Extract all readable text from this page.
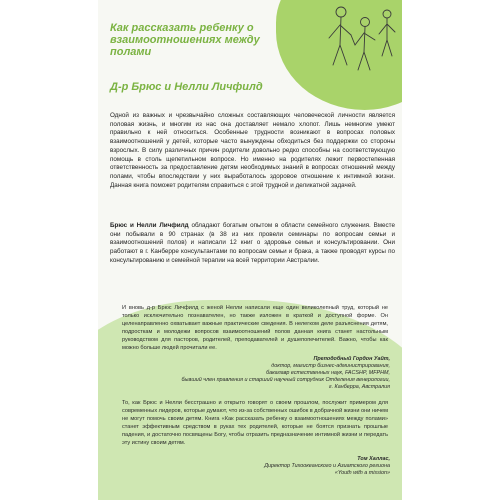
Как рассказать ребенку о взаимоотношениях между полами
Д-р Брюс и Нелли Личфилд

Одной из важных и чрезвычайно сложных составляющих человеческой личности является половая жизнь, и многим из нас она доставляет немало хлопот. Лишь немногие умеют правильно к ней относиться. Особенные трудности возникают в вопросах половых взаимоотношений у детей, которые часто вынуждены обходиться без поддержки со стороны взрослых. В силу различных причин родители довольно редко способны на соответствующую помощь в столь щепетильном вопросе. Но именно на родителях лежит первостепенная ответственность за предоставление детям необходимых знаний в вопросах отношений между полами, чтобы впоследствии у них выработалось здоровое отношение к интимной жизни. Данная книга поможет родителям справиться с этой трудной и деликатной задачей.

Брюс и Нелли Личфилд обладают богатым опытом в области семейного служения. Вместе они побывали в 90 странах (в 38 из них провели семинары по вопросам семьи и взаимоотношений полов) и написали 12 книг о здоровье семьи и консультировании. Они работают в г. Канберре консультантами по вопросам семьи и брака, а также проводят курсы по консультированию и семейной терапии на всей территории Австралии.

И вновь д-р Брюс Личфилд с женой Нелли написали еще один великолепный труд, который не только исключительно познавателен, но также изложен в краткой и доступной форме. Он целенаправленно охватывает важные практические сведения. В нелегком деле разъяснения детям, подросткам и молодежи вопросов взаимоотношений полов данная книга станет настольным руководством для пасторов, родителей, преподавателей и душепопечителей. Важно, чтобы как можно больше людей прочитали ее.

Преподобный Гордон Уайт,
доктор, магистр бизнес-администрирования,
бакалавр естественных наук, FACSHP, MFPHM,
бывший член правления и старший научный сотрудник Отделения венерологии,
г. Канберра, Австралия

То, как Брюс и Нелли бесстрашно и открыто говорят о своем прошлом, послужит примером для современных лидеров, которые думают, что из-за собственных ошибок в добрачной жизни они ничем не могут помочь своим детям. Книга «Как рассказать ребенку о взаимоотношениях между полами» станет эффективным средством в руках тех родителей, которые не боятся признать прошлые падения, и достаточно посвящены Богу, чтобы отразить предназначение интимной жизни и передать эту истину своим детям.

Том Халлас,
Директор Тихоокеанского и Азиатского региона
«Youth with a mission»
